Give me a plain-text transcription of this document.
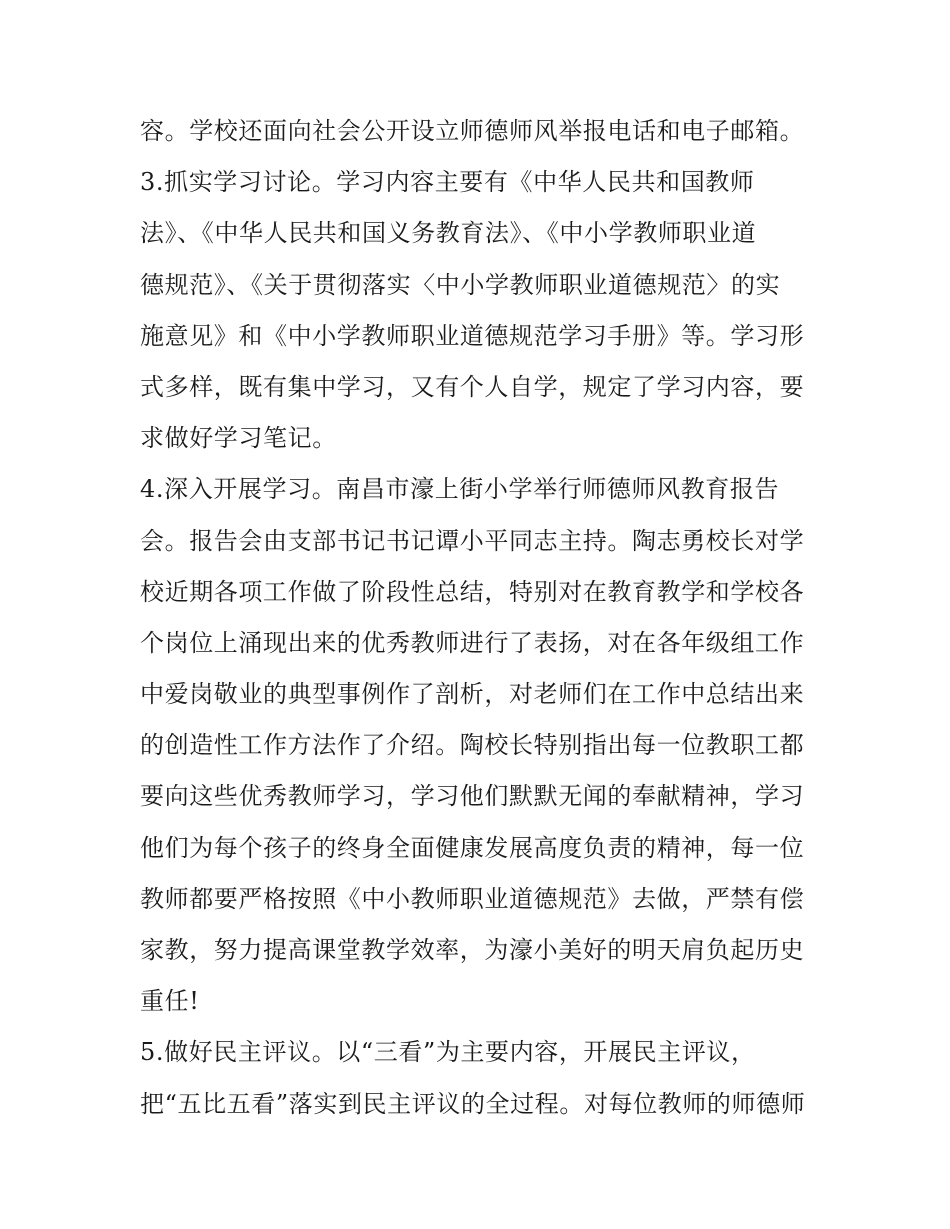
容。学校还面向社会公开设立师德师风举报电话和电子邮箱。
3.抓实学习讨论。学习内容主要有《中华人民共和国教师
法》、《中华人民共和国义务教育法》、《中小学教师职业道
德规范》、《关于贯彻落实〈中小学教师职业道德规范〉的实
施意见》和《中小学教师职业道德规范学习手册》等。学习形
式多样，既有集中学习，又有个人自学，规定了学习内容，要
求做好学习笔记。
4.深入开展学习。南昌市濠上街小学举行师德师风教育报告
会。报告会由支部书记书记谭小平同志主持。陶志勇校长对学
校近期各项工作做了阶段性总结，特别对在教育教学和学校各
个岗位上涌现出来的优秀教师进行了表扬，对在各年级组工作
中爱岗敬业的典型事例作了剖析，对老师们在工作中总结出来
的创造性工作方法作了介绍。陶校长特别指出每一位教职工都
要向这些优秀教师学习，学习他们默默无闻的奉献精神，学习
他们为每个孩子的终身全面健康发展高度负责的精神，每一位
教师都要严格按照《中小教师职业道德规范》去做，严禁有偿
家教，努力提高课堂教学效率，为濠小美好的明天肩负起历史
重任!
5.做好民主评议。以“三看”为主要内容，开展民主评议，
把“五比五看”落实到民主评议的全过程。对每位教师的师德师
